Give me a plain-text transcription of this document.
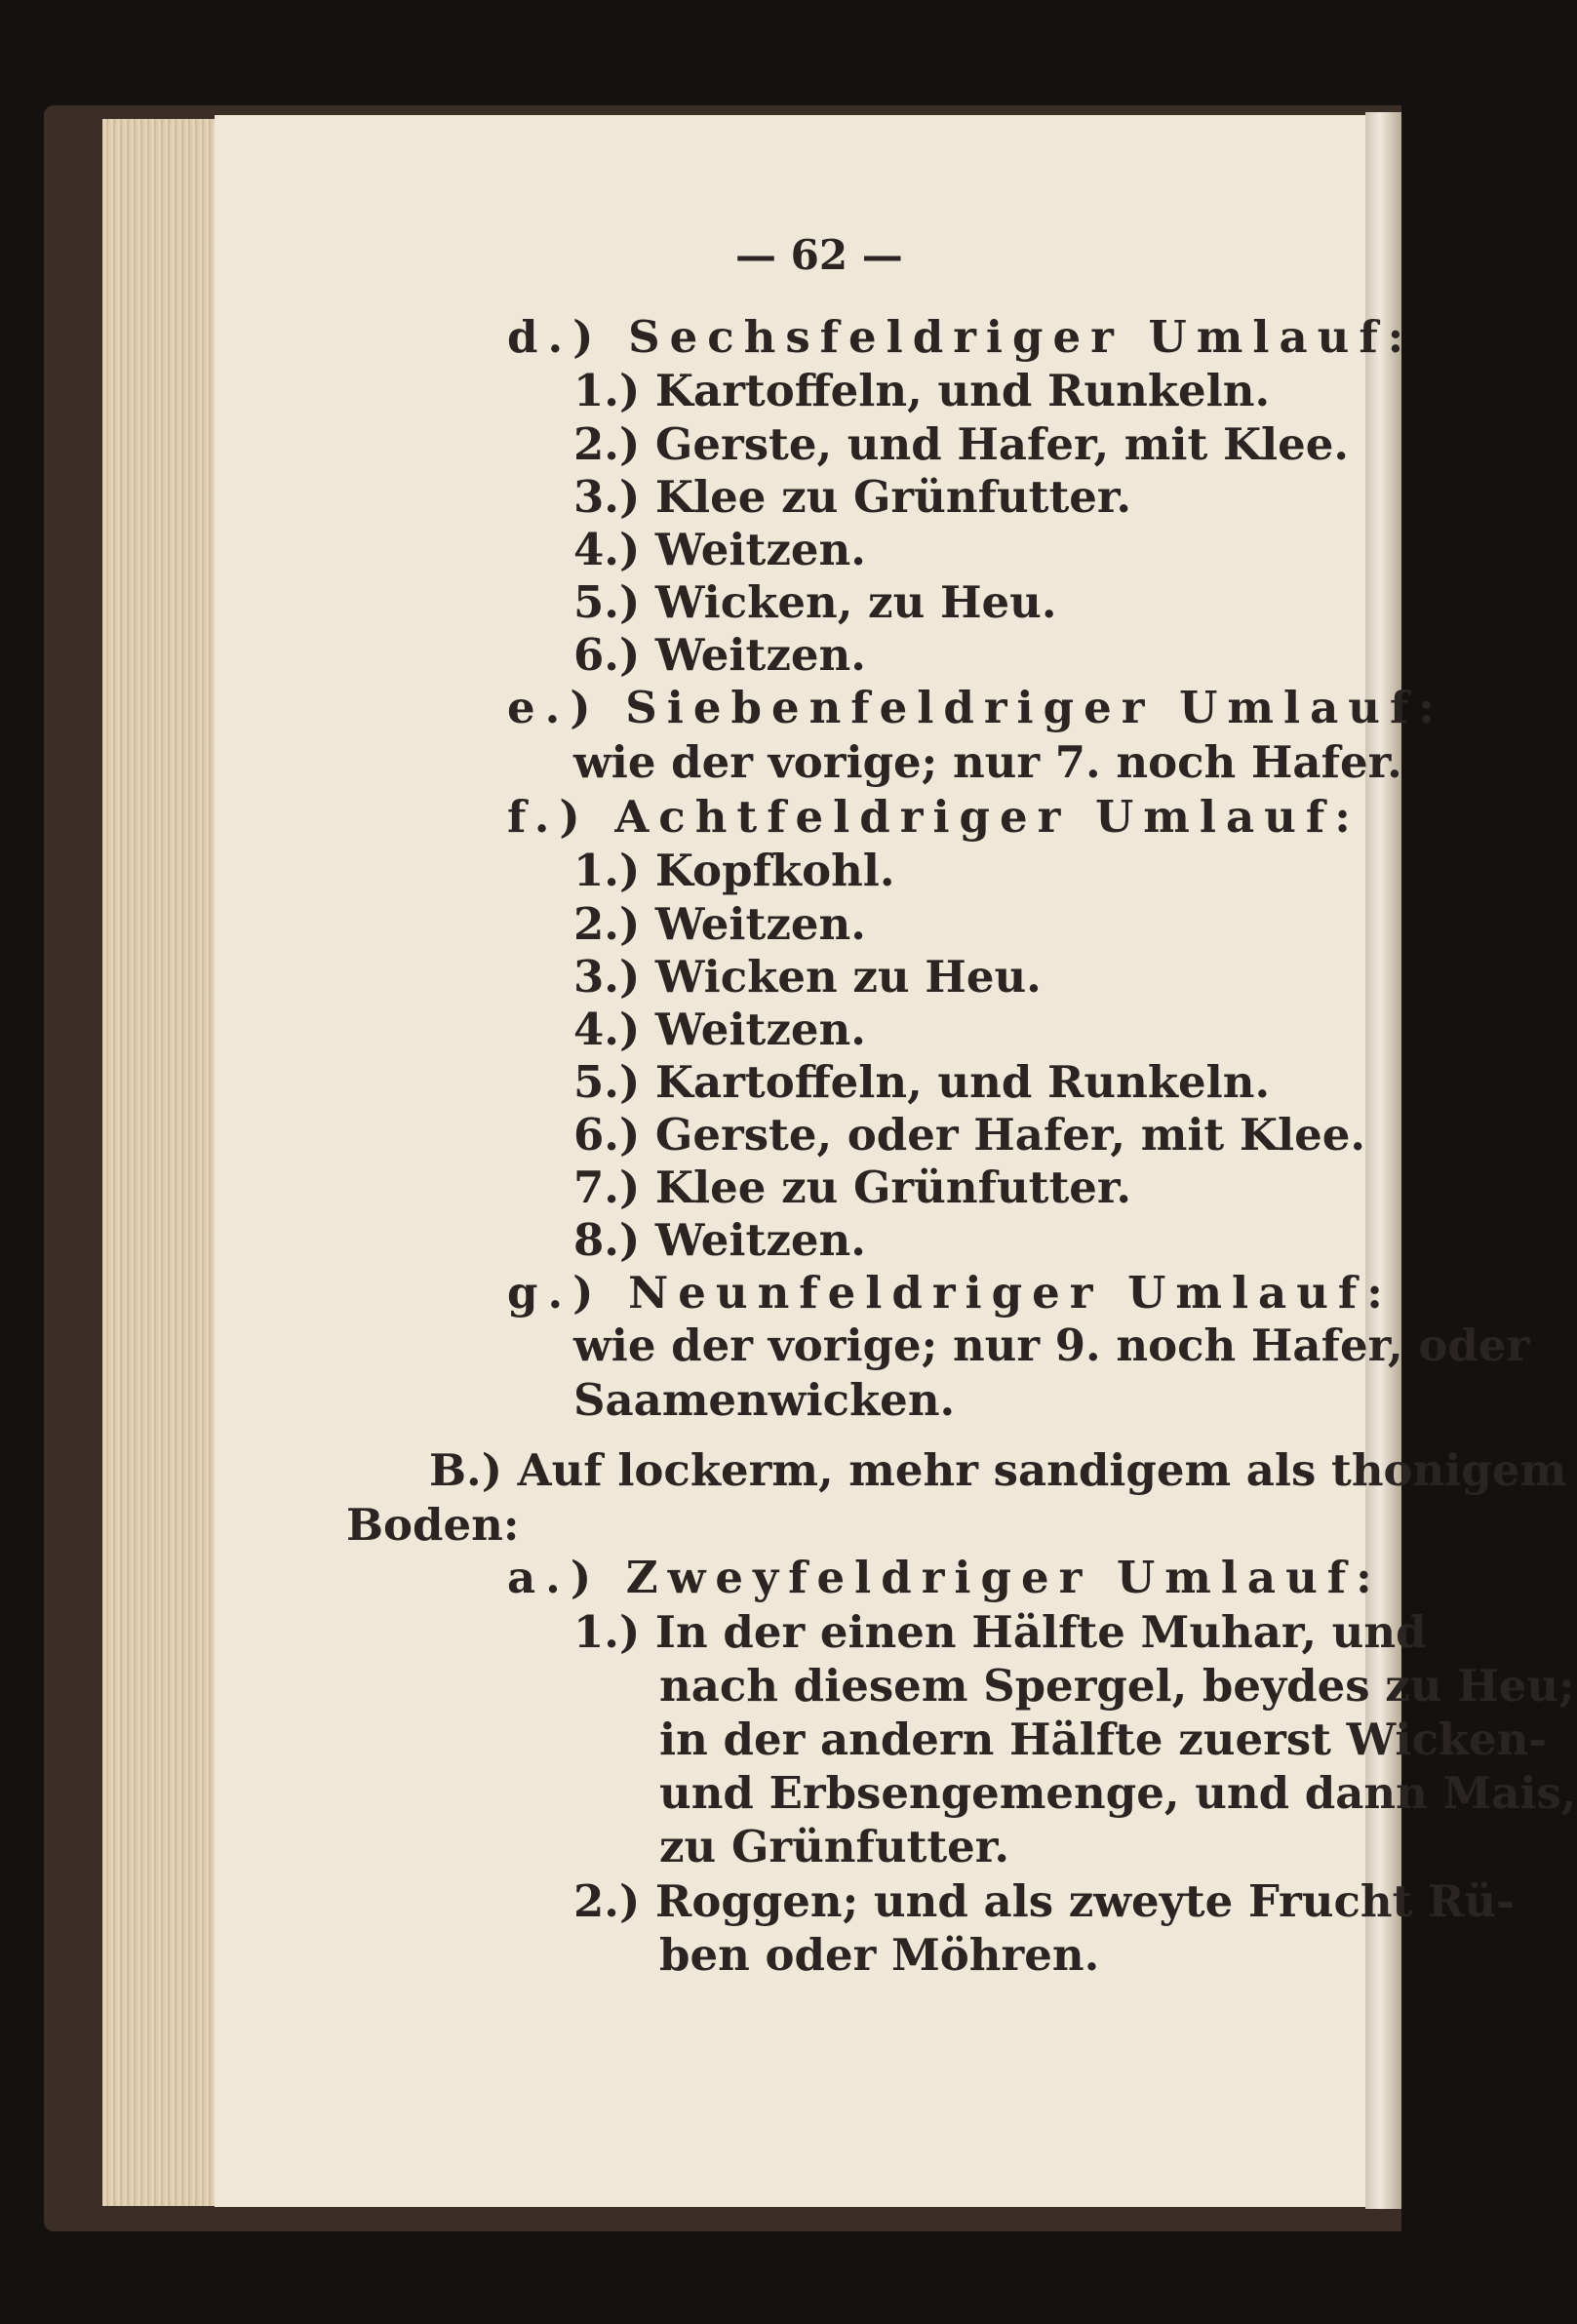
— 62 —
d.) Sechsfeldriger Umlauf:
1.) Kartoffeln, und Runkeln.
2.) Gerste, und Hafer, mit Klee.
3.) Klee zu Grünfutter.
4.) Weitzen.
5.) Wicken, zu Heu.
6.) Weitzen.
e.) Siebenfeldriger Umlauf:
wie der vorige; nur 7. noch Hafer.
f.) Achtfeldriger Umlauf:
1.) Kopfkohl.
2.) Weitzen.
3.) Wicken zu Heu.
4.) Weitzen.
5.) Kartoffeln, und Runkeln.
6.) Gerste, oder Hafer, mit Klee.
7.) Klee zu Grünfutter.
8.) Weitzen.
g.) Neunfeldriger Umlauf:
wie der vorige; nur 9. noch Hafer, oder
Saamenwicken.
B.) Auf lockerm, mehr sandigem als thonigem
Boden:
a.) Zweyfeldriger Umlauf:
1.) In der einen Hälfte Muhar, und
nach diesem Spergel, beydes zu Heu;
in der andern Hälfte zuerst Wicken-
und Erbsengemenge, und dann Mais,
zu Grünfutter.
2.) Roggen; und als zweyte Frucht Rü-
ben oder Möhren.
